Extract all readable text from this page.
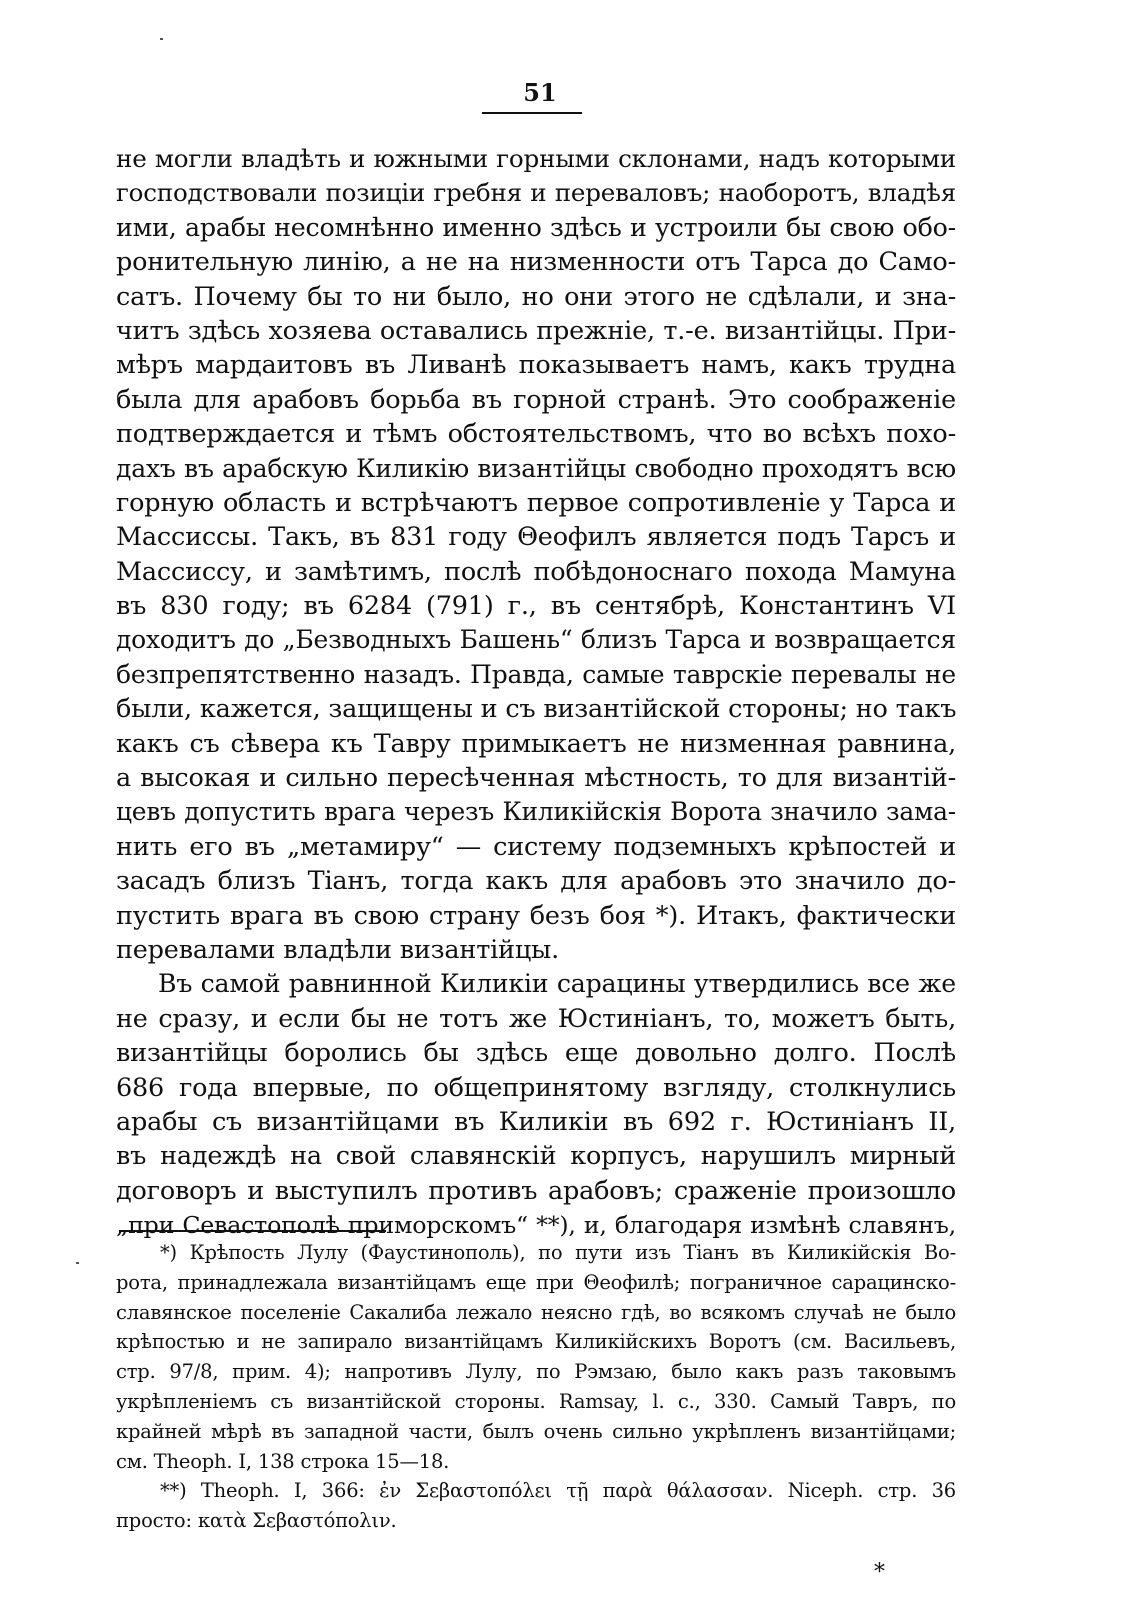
51
не могли владѣть и южными горными склонами, надъ которыми
господствовали позиціи гребня и переваловъ; наоборотъ, владѣя
ими, арабы несомнѣнно именно здѣсь и устроили бы свою обо-
ронительную линію, а не на низменности отъ Тарса до Само-
сатъ. Почему бы то ни было, но они этого не сдѣлали, и зна-
читъ здѣсь хозяева оставались прежніе, т.-е. византійцы. При-
мѣръ мардаитовъ въ Ливанѣ показываетъ намъ, какъ трудна
была для арабовъ борьба въ горной странѣ. Это соображеніе
подтверждается и тѣмъ обстоятельствомъ, что во всѣхъ похо-
дахъ въ арабскую Киликію византійцы свободно проходятъ всю
горную область и встрѣчаютъ первое сопротивленіе у Тарса и
Массиссы. Такъ, въ 831 году Θеофилъ является подъ Тарсъ и
Массиссу, и замѣтимъ, послѣ побѣдоноснаго похода Мамуна
въ 830 году; въ 6284 (791) г., въ сентябрѣ, Константинъ VI
доходитъ до „Безводныхъ Башень“ близъ Тарса и возвращается
безпрепятственно назадъ. Правда, самые таврскіе перевалы не
были, кажется, защищены и съ византійской стороны; но такъ
какъ съ сѣвера къ Тавру примыкаетъ не низменная равнина,
а высокая и сильно пересѣченная мѣстность, то для византій-
цевъ допустить врага черезъ Киликійскія Ворота значило зама-
нить его въ „метамиру“ — систему подземныхъ крѣпостей и
засадъ близъ Тіанъ, тогда какъ для арабовъ это значило до-
пустить врага въ свою страну безъ боя *). Итакъ, фактически
перевалами владѣли византійцы.
Въ самой равнинной Киликіи сарацины утвердились все же
не сразу, и если бы не тотъ же Юстиніанъ, то, можетъ быть,
византійцы боролись бы здѣсь еще довольно долго. Послѣ
686 года впервые, по общепринятому взгляду, столкнулись
арабы съ византійцами въ Киликіи въ 692 г. Юстиніанъ II,
въ надеждѣ на свой славянскій корпусъ, нарушилъ мирный
договоръ и выступилъ противъ арабовъ; сраженіе произошло
„при Севастополѣ приморскомъ“ **), и, благодаря измѣнѣ славянъ,
*) Крѣпость Лулу (Фаустинополь), по пути изъ Тіанъ въ Киликійскія Во-
рота, принадлежала византійцамъ еще при Θеофилѣ; пограничное сарацинско-
славянское поселеніе Сакалиба лежало неясно гдѣ, во всякомъ случаѣ не было
крѣпостью и не запирало византійцамъ Киликійскихъ Воротъ (см. Васильевъ,
стр. 97/8, прим. 4); напротивъ Лулу, по Рэмзаю, было какъ разъ таковымъ
укрѣпленіемъ съ византійской стороны. Ramsay, l. c., 330. Самый Тавръ, по
крайней мѣрѣ въ западной части, былъ очень сильно укрѣпленъ византійцами;
см. Theoph. I, 138 строка 15—18.
**) Theoph. I, 366: ἐν Σεβαστοπόλει τῇ παρὰ θάλασσαν. Niceph. стр. 36
просто: κατὰ Σεβαστόπολιν.
*
